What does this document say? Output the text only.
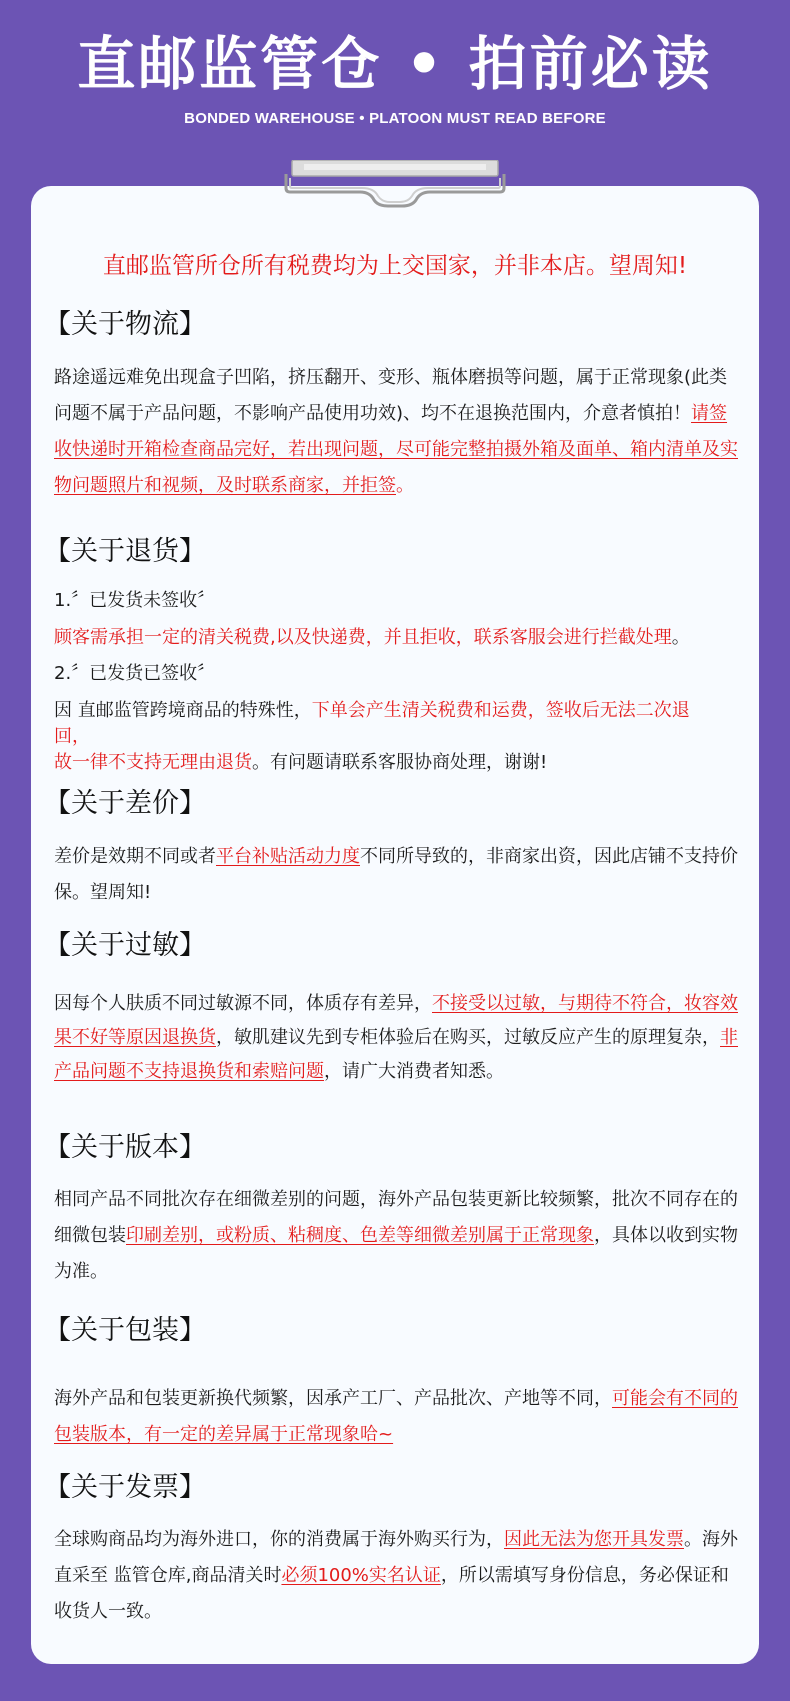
直邮监管仓 • 拍前必读
BONDED WAREHOUSE • PLATOON MUST READ BEFORE
直邮监管所仓所有税费均为上交国家，并非本店。望周知!
【关于物流】
路途遥远难免出现盒子凹陷，挤压翻开、变形、瓶体磨损等问题，属于正常现象(此类问题不属于产品问题，不影响产品使用功效)、均不在退换范围内，介意者慎拍！请签收快递时开箱检查商品完好，若出现问题，尽可能完整拍摄外箱及面单、箱内清单及实物问题照片和视频，及时联系商家，并拒签。
【关于退货】
1.〞已发货未签收〞
顾客需承担一定的清关税费,以及快递费，并且拒收，联系客服会进行拦截处理。
2.〞已发货已签收〞
因 直邮监管跨境商品的特殊性，下单会产生清关税费和运费，签收后无法二次退回，
故一律不支持无理由退货。有问题请联系客服协商处理，谢谢!
【关于差价】
差价是效期不同或者平台补贴活动力度不同所导致的，非商家出资，因此店铺不支持价保。望周知!
【关于过敏】
因每个人肤质不同过敏源不同，体质存有差异，不接受以过敏，与期待不符合，妆容效果不好等原因退换货，敏肌建议先到专柜体验后在购买，过敏反应产生的原理复杂，非产品问题不支持退换货和索赔问题，请广大消费者知悉。
【关于版本】
相同产品不同批次存在细微差别的问题，海外产品包装更新比较频繁，批次不同存在的细微包装印刷差别，或粉质、粘稠度、色差等细微差别属于正常现象，具体以收到实物为准。
【关于包装】
海外产品和包装更新换代频繁，因承产工厂、产品批次、产地等不同，可能会有不同的包装版本，有一定的差异属于正常现象哈~
【关于发票】
全球购商品均为海外进口，你的消费属于海外购买行为，因此无法为您开具发票。海外直采至 监管仓库,商品清关时必须100%实名认证，所以需填写身份信息，务必保证和收货人一致。
